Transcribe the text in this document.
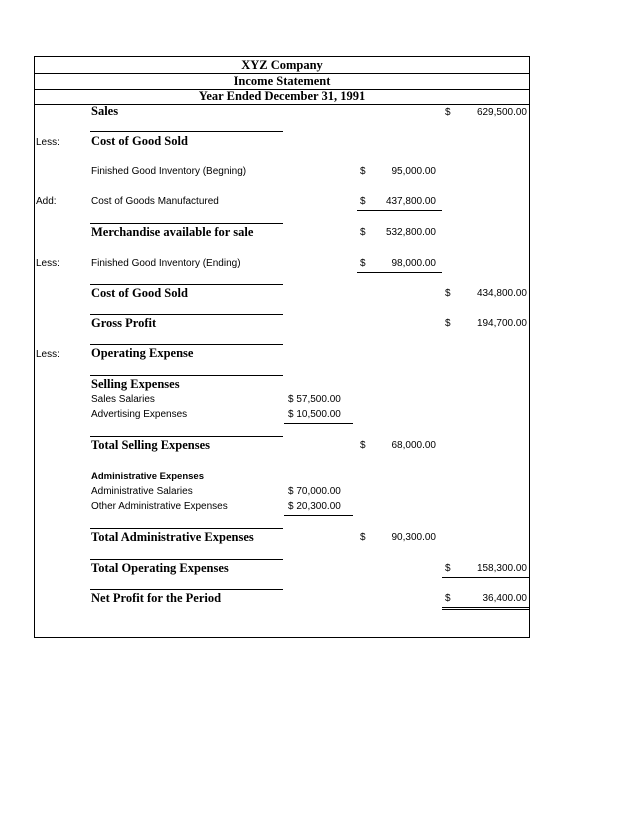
XYZ Company
Income Statement
Year Ended December 31, 1991
Sales	$	629,500.00
Less: Cost of Good Sold
Finished Good Inventory (Begning)	$	95,000.00
Add:	Cost of Goods Manufactured	$	437,800.00
Merchandise available for sale	$	532,800.00
Less:	Finished Good Inventory (Ending)	$	98,000.00
Cost of Good Sold	$	434,800.00
Gross Profit	$	194,700.00
Less: Operating Expense
Selling Expenses
Sales Salaries	$ 57,500.00
Advertising Expenses	$ 10,500.00
Total Selling Expenses	$	68,000.00
Administrative Expenses
Administrative Salaries	$ 70,000.00
Other Administrative Expenses	$ 20,300.00
Total Administrative Expenses	$	90,300.00
Total Operating Expenses	$	158,300.00
Net Profit for the Period	$	36,400.00
